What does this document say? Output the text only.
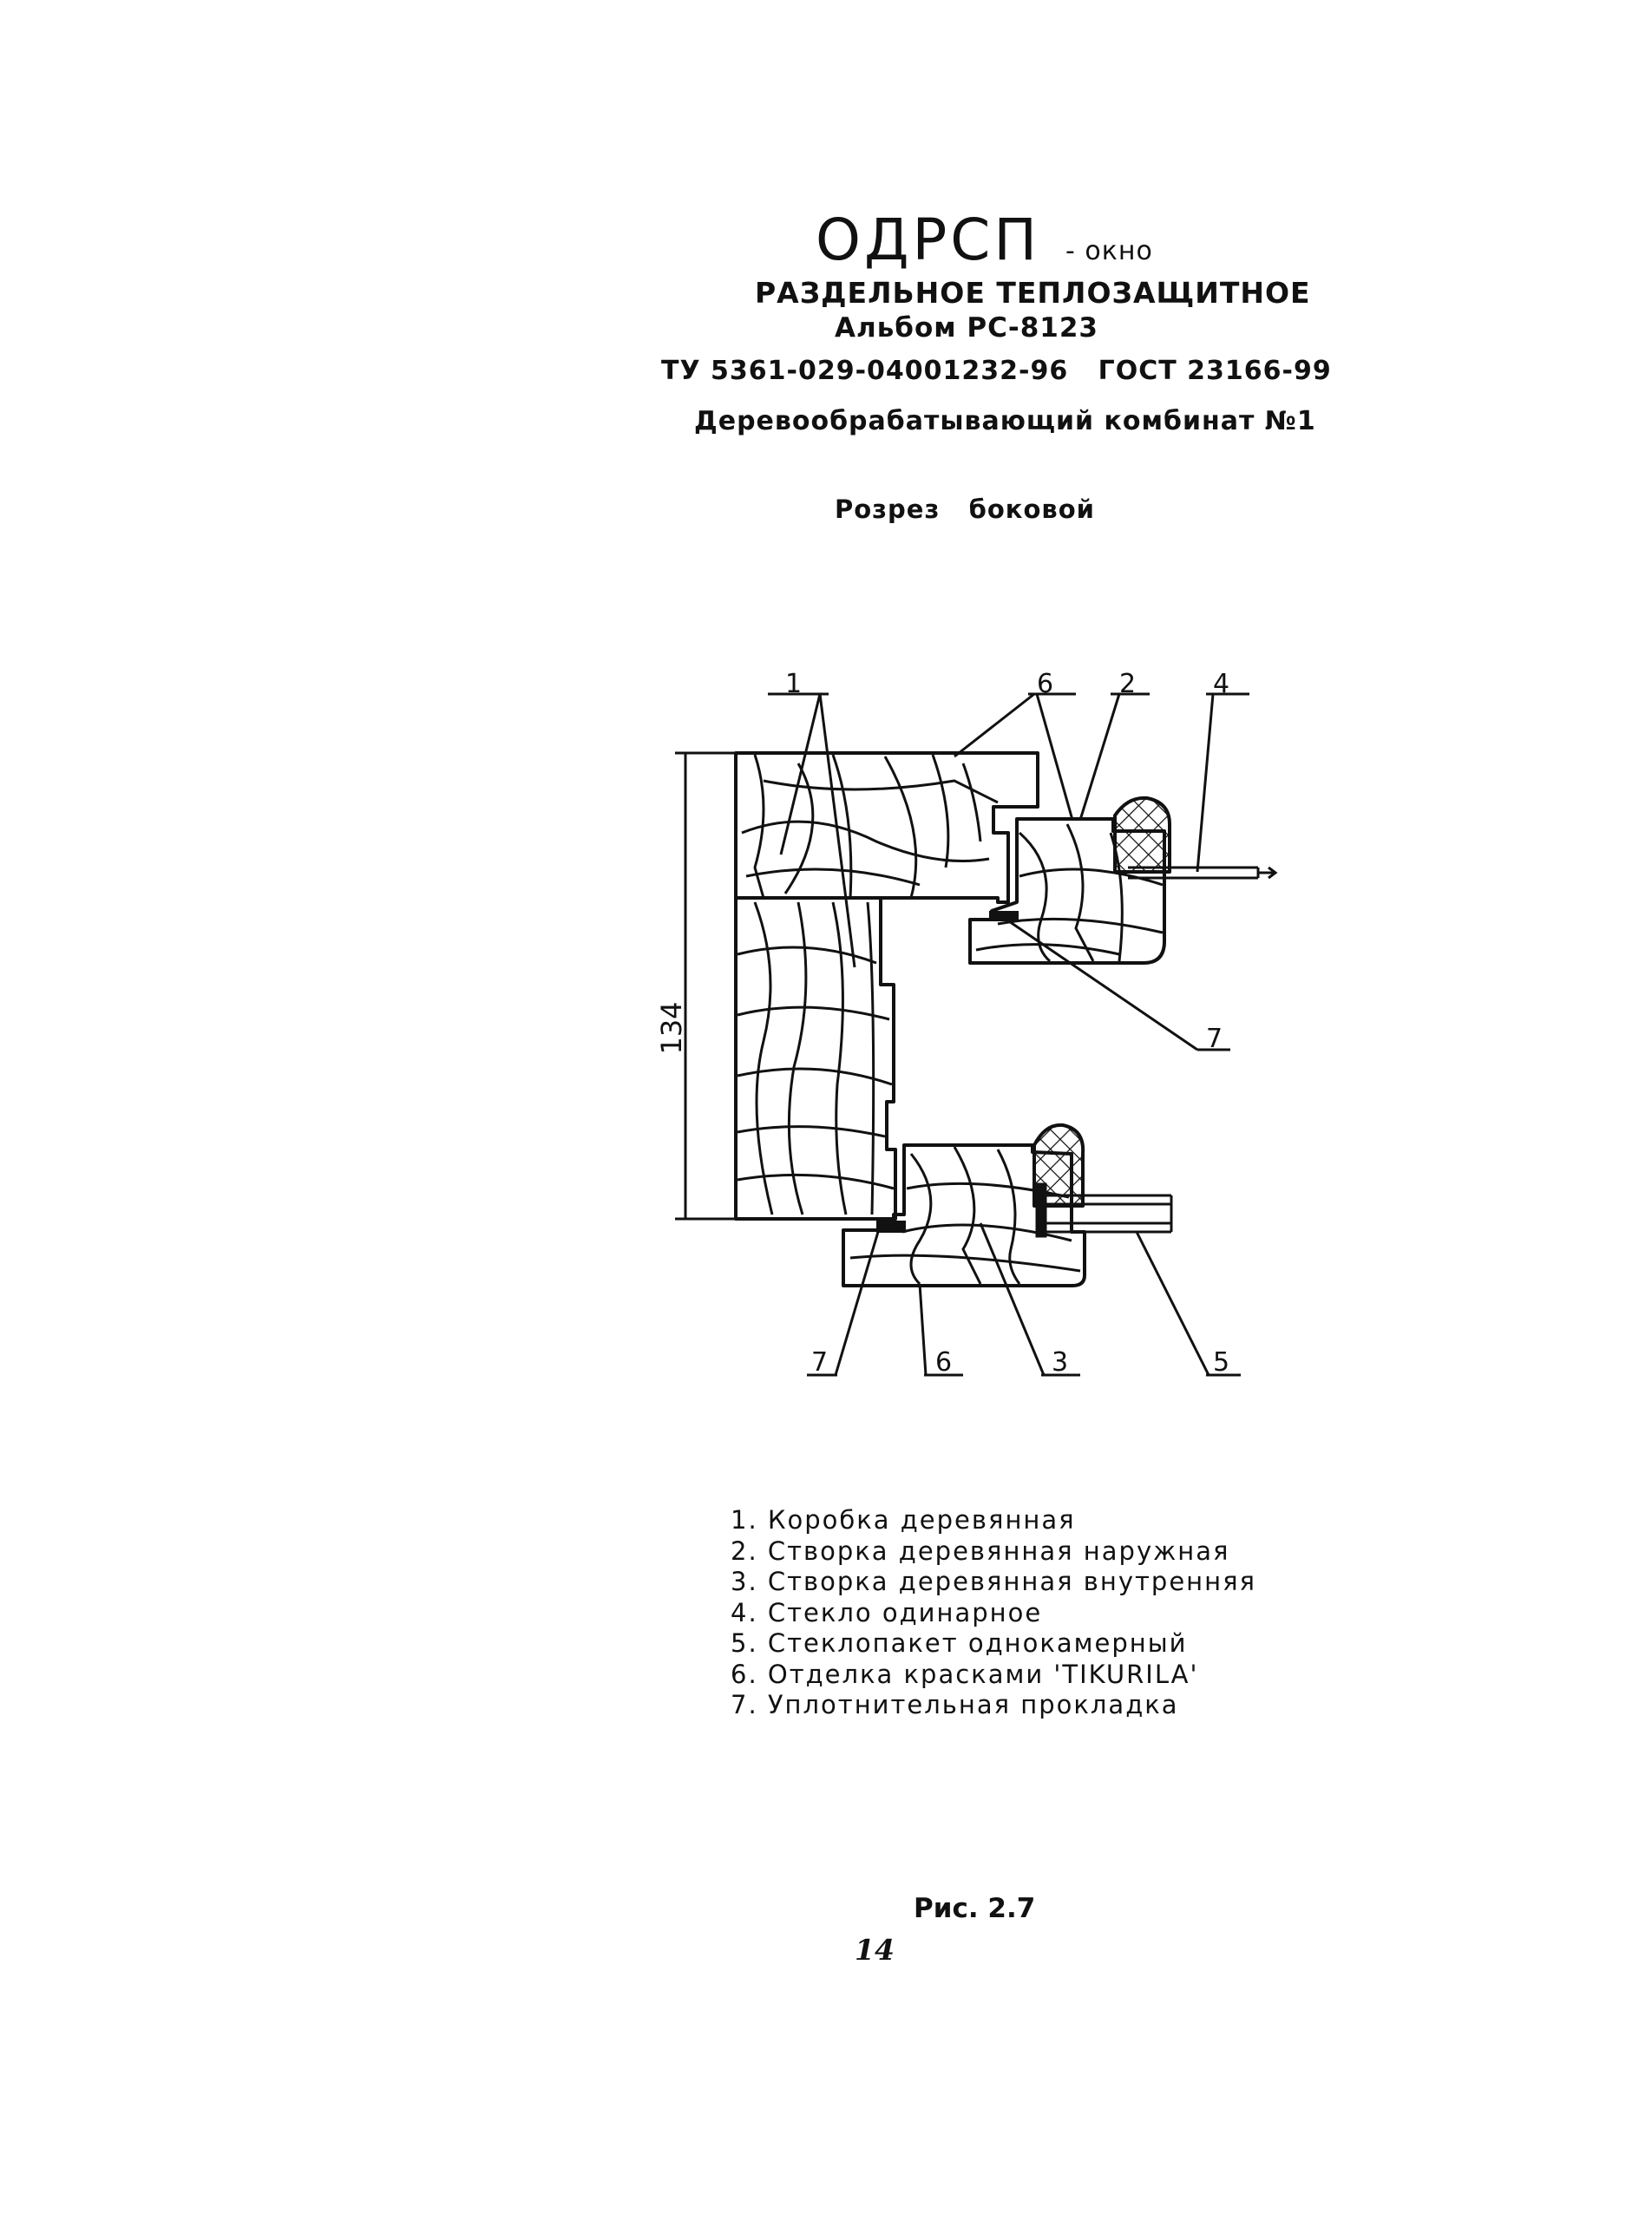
ОДРСП - окно
РАЗДЕЛЬНОЕ ТЕПЛОЗАЩИТНОЕ
Альбом РС-8123
ТУ 5361-029-04001232-96   ГОСТ 23166-99
Деревообрабатывающий комбинат №1
Розрез   боковой
134
1	6	2	4
7
7	6	3	5
1. Коробка деревянная
2. Створка деревянная наружная
3. Створка деревянная внутренняя
4. Стекло одинарное
5. Стеклопакет однокамерный
6. Отделка красками 'TIKURILA'
7. Уплотнительная прокладка
Рис. 2.7
14
